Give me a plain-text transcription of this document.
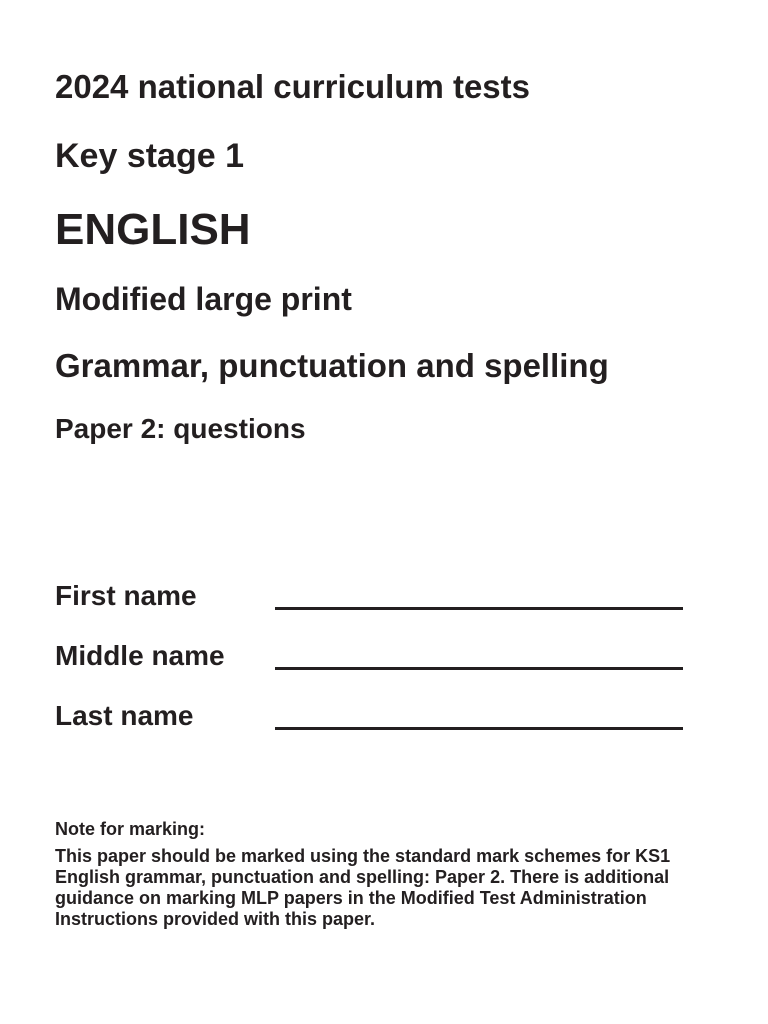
2024 national curriculum tests

Key stage 1

ENGLISH

Modified large print

Grammar, punctuation and spelling

Paper 2: questions

First name
Middle name
Last name
Note for marking:
This paper should be marked using the standard mark schemes for KS1 English grammar, punctuation and spelling: Paper 2. There is additional guidance on marking MLP papers in the Modified Test Administration Instructions provided with this paper.
